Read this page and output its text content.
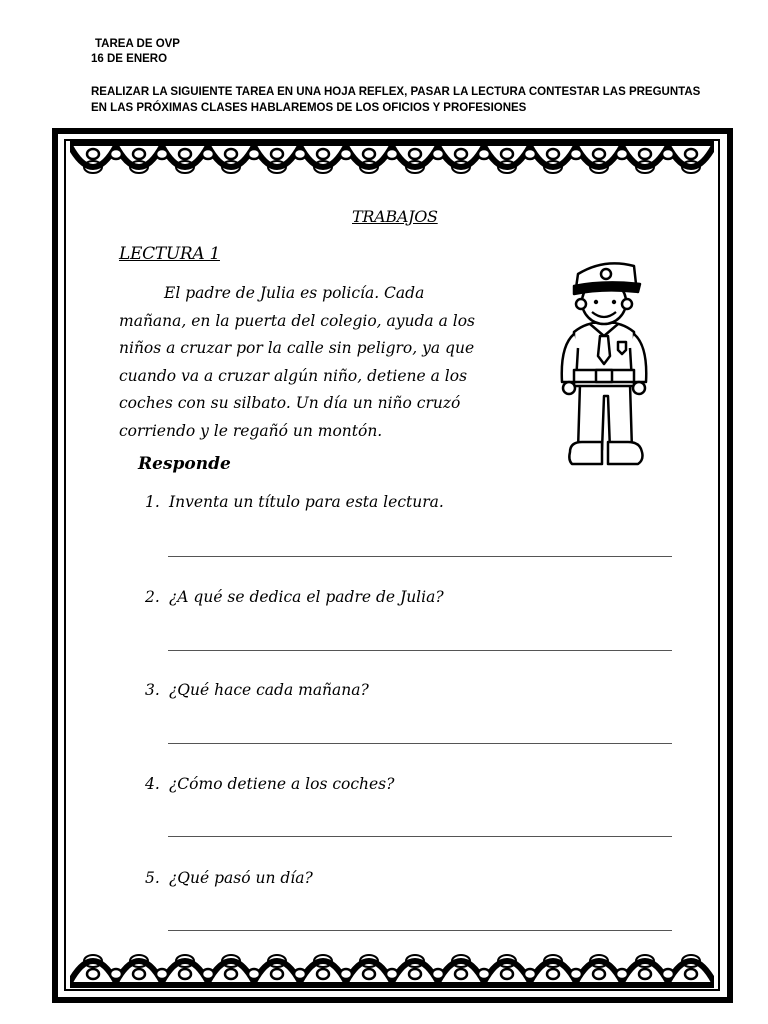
TAREA DE OVP
16 DE ENERO
REALIZAR LA SIGUIENTE TAREA EN UNA HOJA REFLEX, PASAR LA LECTURA CONTESTAR LAS PREGUNTAS
EN LAS PRÓXIMAS CLASES HABLAREMOS DE LOS OFICIOS Y PROFESIONES
TRABAJOS
LECTURA 1
El padre de Julia es policía. Cada
mañana, en la puerta del colegio, ayuda a los
niños a cruzar por la calle sin peligro, ya que
cuando va a cruzar algún niño, detiene a los
coches con su silbato. Un día un niño cruzó
corriendo y le regañó un montón.
Responde
1. Inventa un título para esta lectura.
2. ¿A qué se dedica el padre de Julia?
3. ¿Qué hace cada mañana?
4. ¿Cómo detiene a los coches?
5. ¿Qué pasó un día?
